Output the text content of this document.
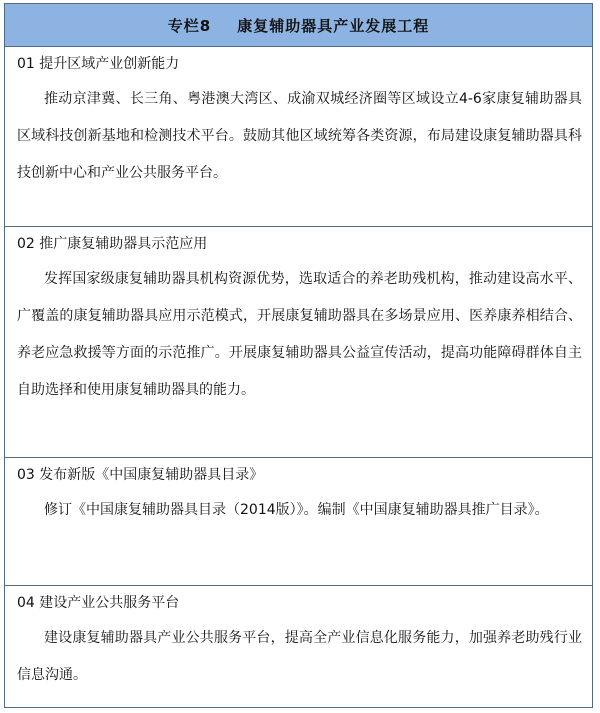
专栏8 康复辅助器具产业发展工程
01 提升区域产业创新能力
推动京津冀、长三角、粤港澳大湾区、成渝双城经济圈等区域设立4-6家康复辅助器具区域科技创新基地和检测技术平台。鼓励其他区域统筹各类资源，布局建设康复辅助器具科技创新中心和产业公共服务平台。
02 推广康复辅助器具示范应用
发挥国家级康复辅助器具机构资源优势，选取适合的养老助残机构，推动建设高水平、广覆盖的康复辅助器具应用示范模式，开展康复辅助器具在多场景应用、医养康养相结合、养老应急救援等方面的示范推广。开展康复辅助器具公益宣传活动，提高功能障碍群体自主自助选择和使用康复辅助器具的能力。
03 发布新版《中国康复辅助器具目录》
修订《中国康复辅助器具目录（2014版）》。编制《中国康复辅助器具推广目录》。
04 建设产业公共服务平台
建设康复辅助器具产业公共服务平台，提高全产业信息化服务能力，加强养老助残行业信息沟通。
